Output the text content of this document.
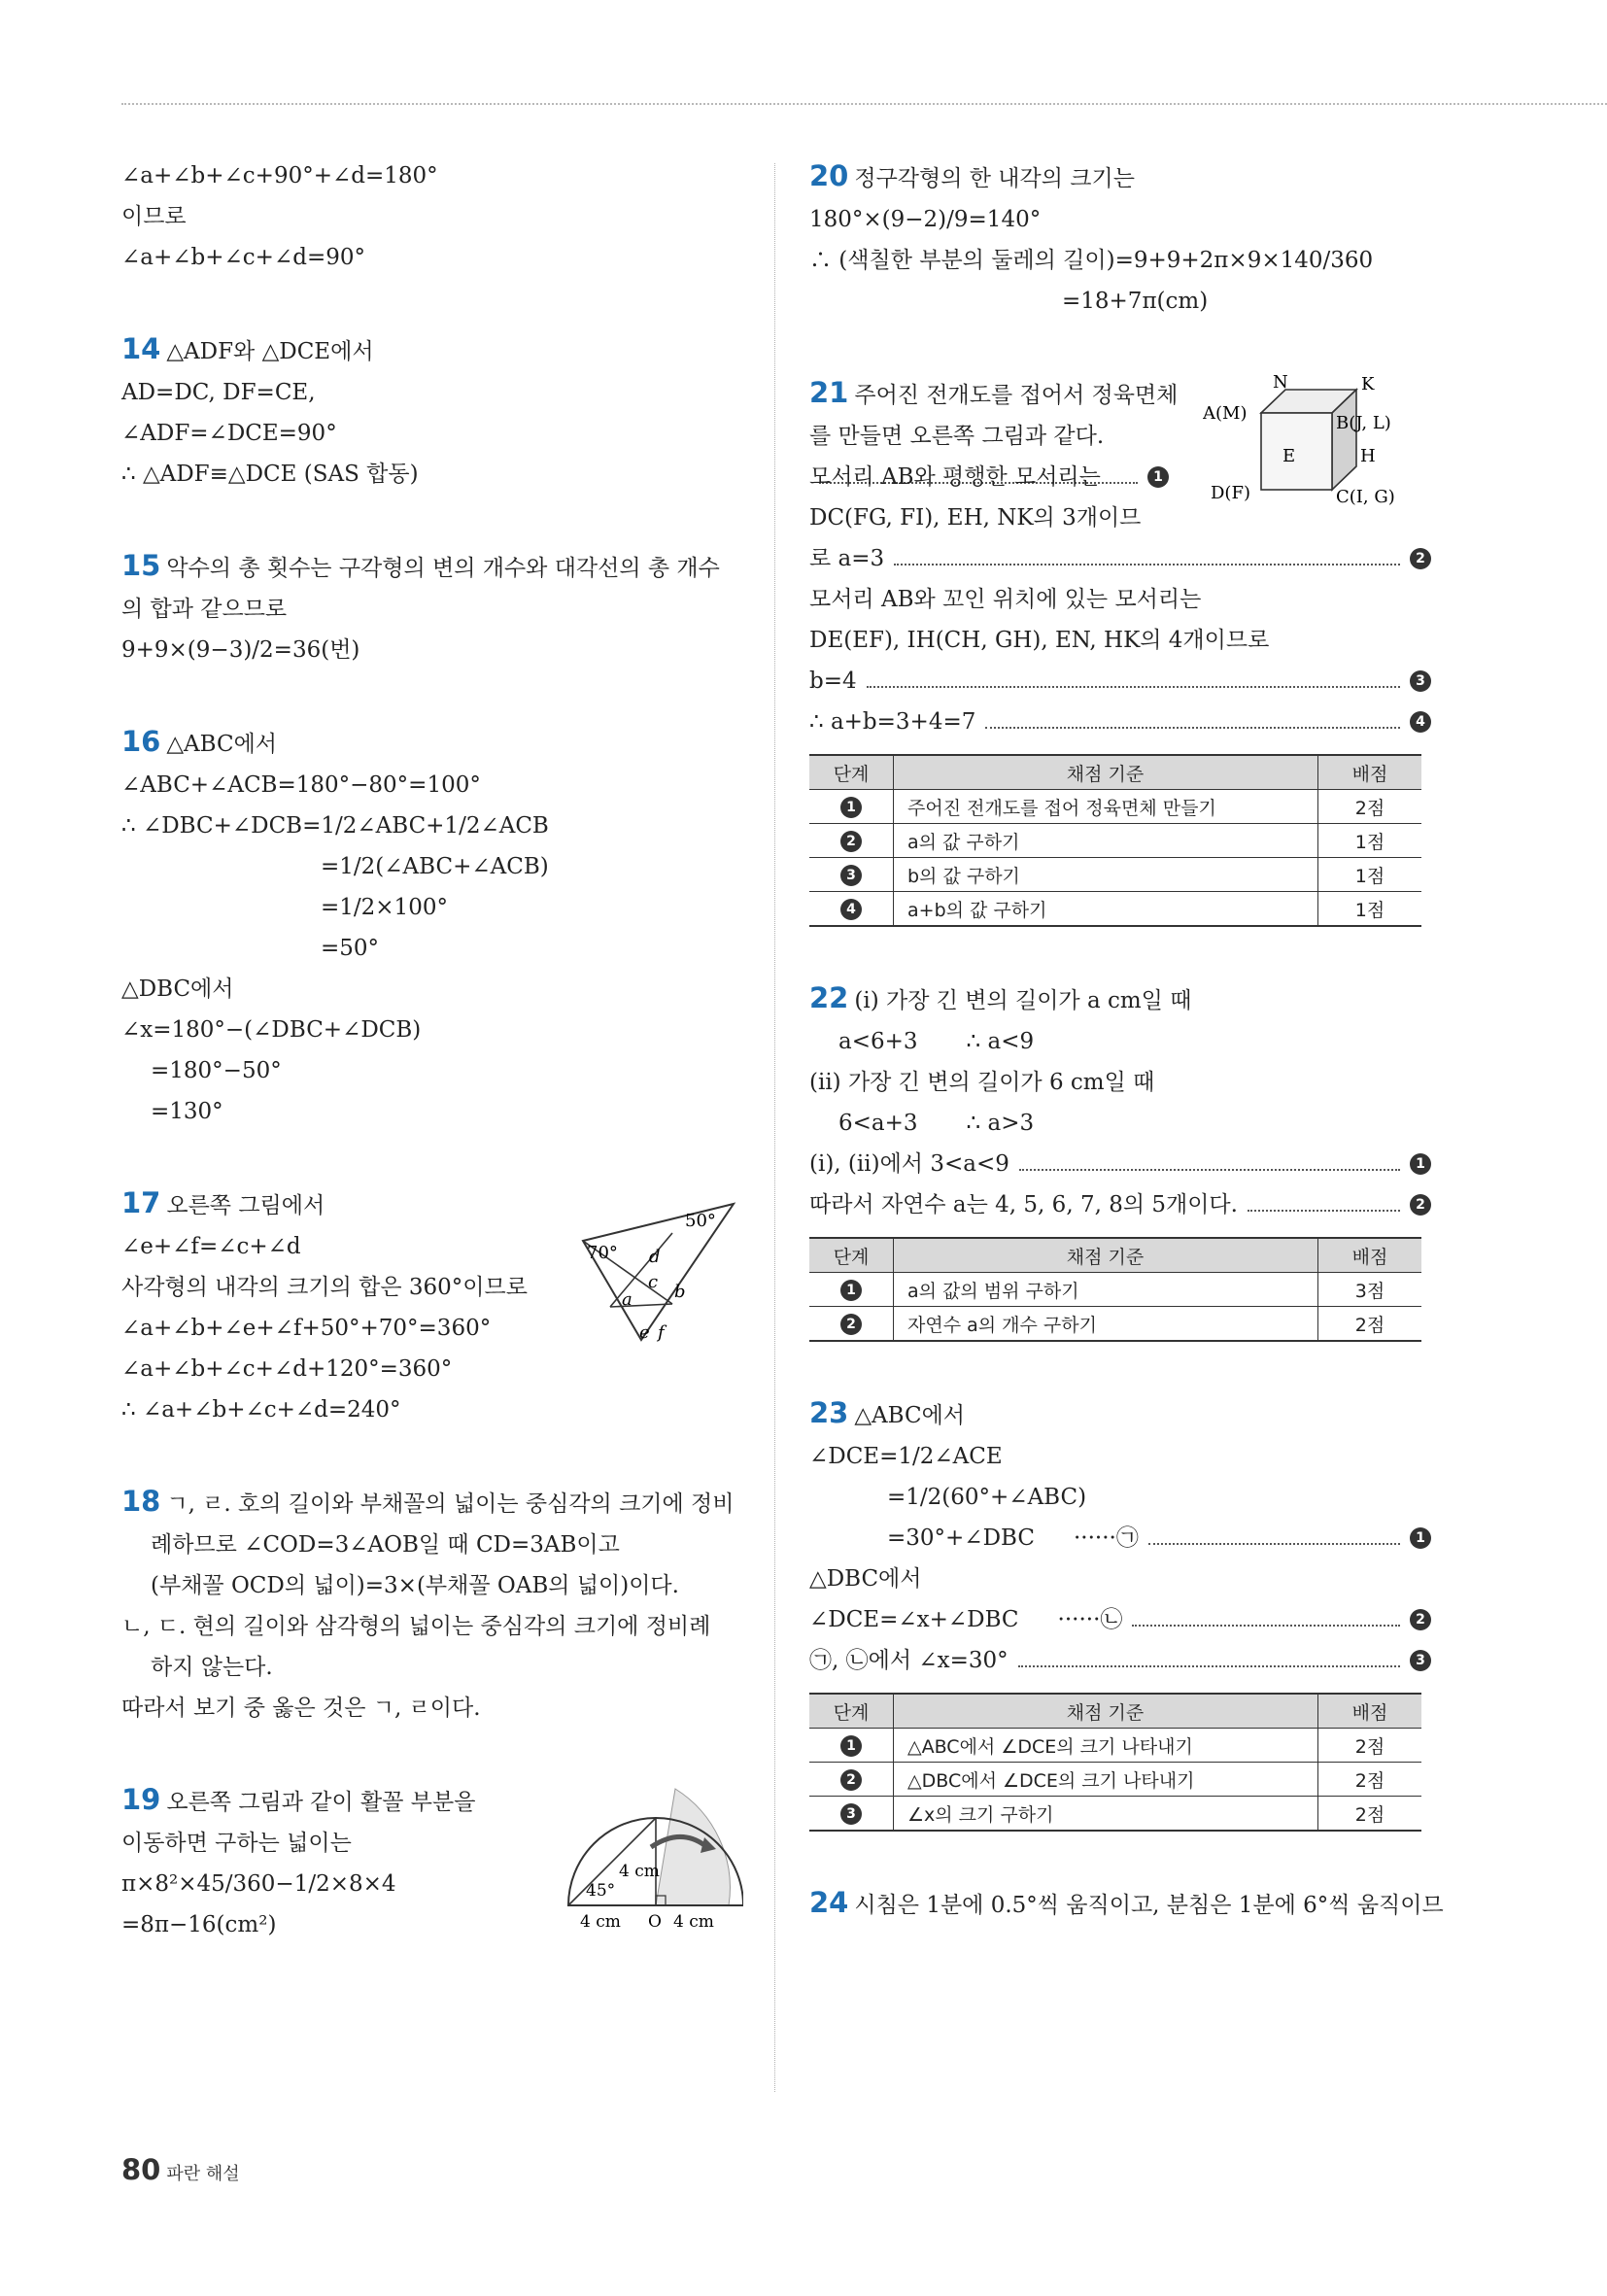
∠a+∠b+∠c+90°+∠d=180°
이므로
∠a+∠b+∠c+∠d=90°
14 △ADF와 △DCE에서
AD=DC, DF=CE,
∠ADF=∠DCE=90°
∴ △ADF≡△DCE (SAS 합동)
15 악수의 총 횟수는 구각형의 변의 개수와 대각선의 총 개수
의 합과 같으므로
9+9×(9−3)/2=36(번)
16 △ABC에서
∠ABC+∠ACB=180°−80°=100°
∴ ∠DBC+∠DCB=1/2∠ABC+1/2∠ACB
=1/2(∠ABC+∠ACB)
=1/2×100°
=50°
△DBC에서
∠x=180°−(∠DBC+∠DCB)
=180°−50°
=130°
17 오른쪽 그림에서
∠e+∠f=∠c+∠d
사각형의 내각의 크기의 합은 360°이므로
∠a+∠b+∠e+∠f+50°+70°=360°
∠a+∠b+∠c+∠d+120°=360°
∴ ∠a+∠b+∠c+∠d=240°
50°
70° d
c
a b
e f
18 ㄱ, ㄹ. 호의 길이와 부채꼴의 넓이는 중심각의 크기에 정비
례하므로 ∠COD=3∠AOB일 때 CD=3AB이고
(부채꼴 OCD의 넓이)=3×(부채꼴 OAB의 넓이)이다.
ㄴ, ㄷ. 현의 길이와 삼각형의 넓이는 중심각의 크기에 정비례
하지 않는다.
따라서 보기 중 옳은 것은 ㄱ, ㄹ이다.
19 오른쪽 그림과 같이 활꼴 부분을
이동하면 구하는 넓이는
π×8²×45/360−1/2×8×4
=8π−16(cm²)
4 cm
45°
4 cm O 4 cm
20 정구각형의 한 내각의 크기는
180°×(9−2)/9=140°
∴ (색칠한 부분의 둘레의 길이)=9+9+2π×9×140/360
=18+7π(cm)
21 주어진 전개도를 접어서 정육면체
를 만들면 오른쪽 그림과 같다.
1
모서리 AB와 평행한 모서리는
DC(FG, FI), EH, NK의 3개이므
로 a=3	2
모서리 AB와 꼬인 위치에 있는 모서리는
DE(EF), IH(CH, GH), EN, HK의 4개이므로
b=4	3
∴ a+b=3+4=7	4
N	K
A(M)	B(J, L)
E	H
D(F)	C(I, G)
단계	채점 기준	배점
1	주어진 전개도를 접어 정육면체 만들기	2점
2	a의 값 구하기	1점
3	b의 값 구하기	1점
4	a+b의 값 구하기	1점
22 (i) 가장 긴 변의 길이가 a cm일 때
a<6+3 ∴ a<9
(ii) 가장 긴 변의 길이가 6 cm일 때
6<a+3 ∴ a>3
(i), (ii)에서 3<a<9	1
따라서 자연수 a는 4, 5, 6, 7, 8의 5개이다.	2
단계	채점 기준	배점
1	a의 값의 범위 구하기	3점
2	자연수 a의 개수 구하기	2점
23 △ABC에서
∠DCE=1/2∠ACE
=1/2(60°+∠ABC)
=30°+∠DBC ······㉠	1
△DBC에서
∠DCE=∠x+∠DBC ······㉡	2
㉠, ㉡에서 ∠x=30°	3
단계	채점 기준	배점
1	△ABC에서 ∠DCE의 크기 나타내기	2점
2	△DBC에서 ∠DCE의 크기 나타내기	2점
3	∠x의 크기 구하기	2점
24 시침은 1분에 0.5°씩 움직이고, 분침은 1분에 6°씩 움직이므
80 파란 해설
